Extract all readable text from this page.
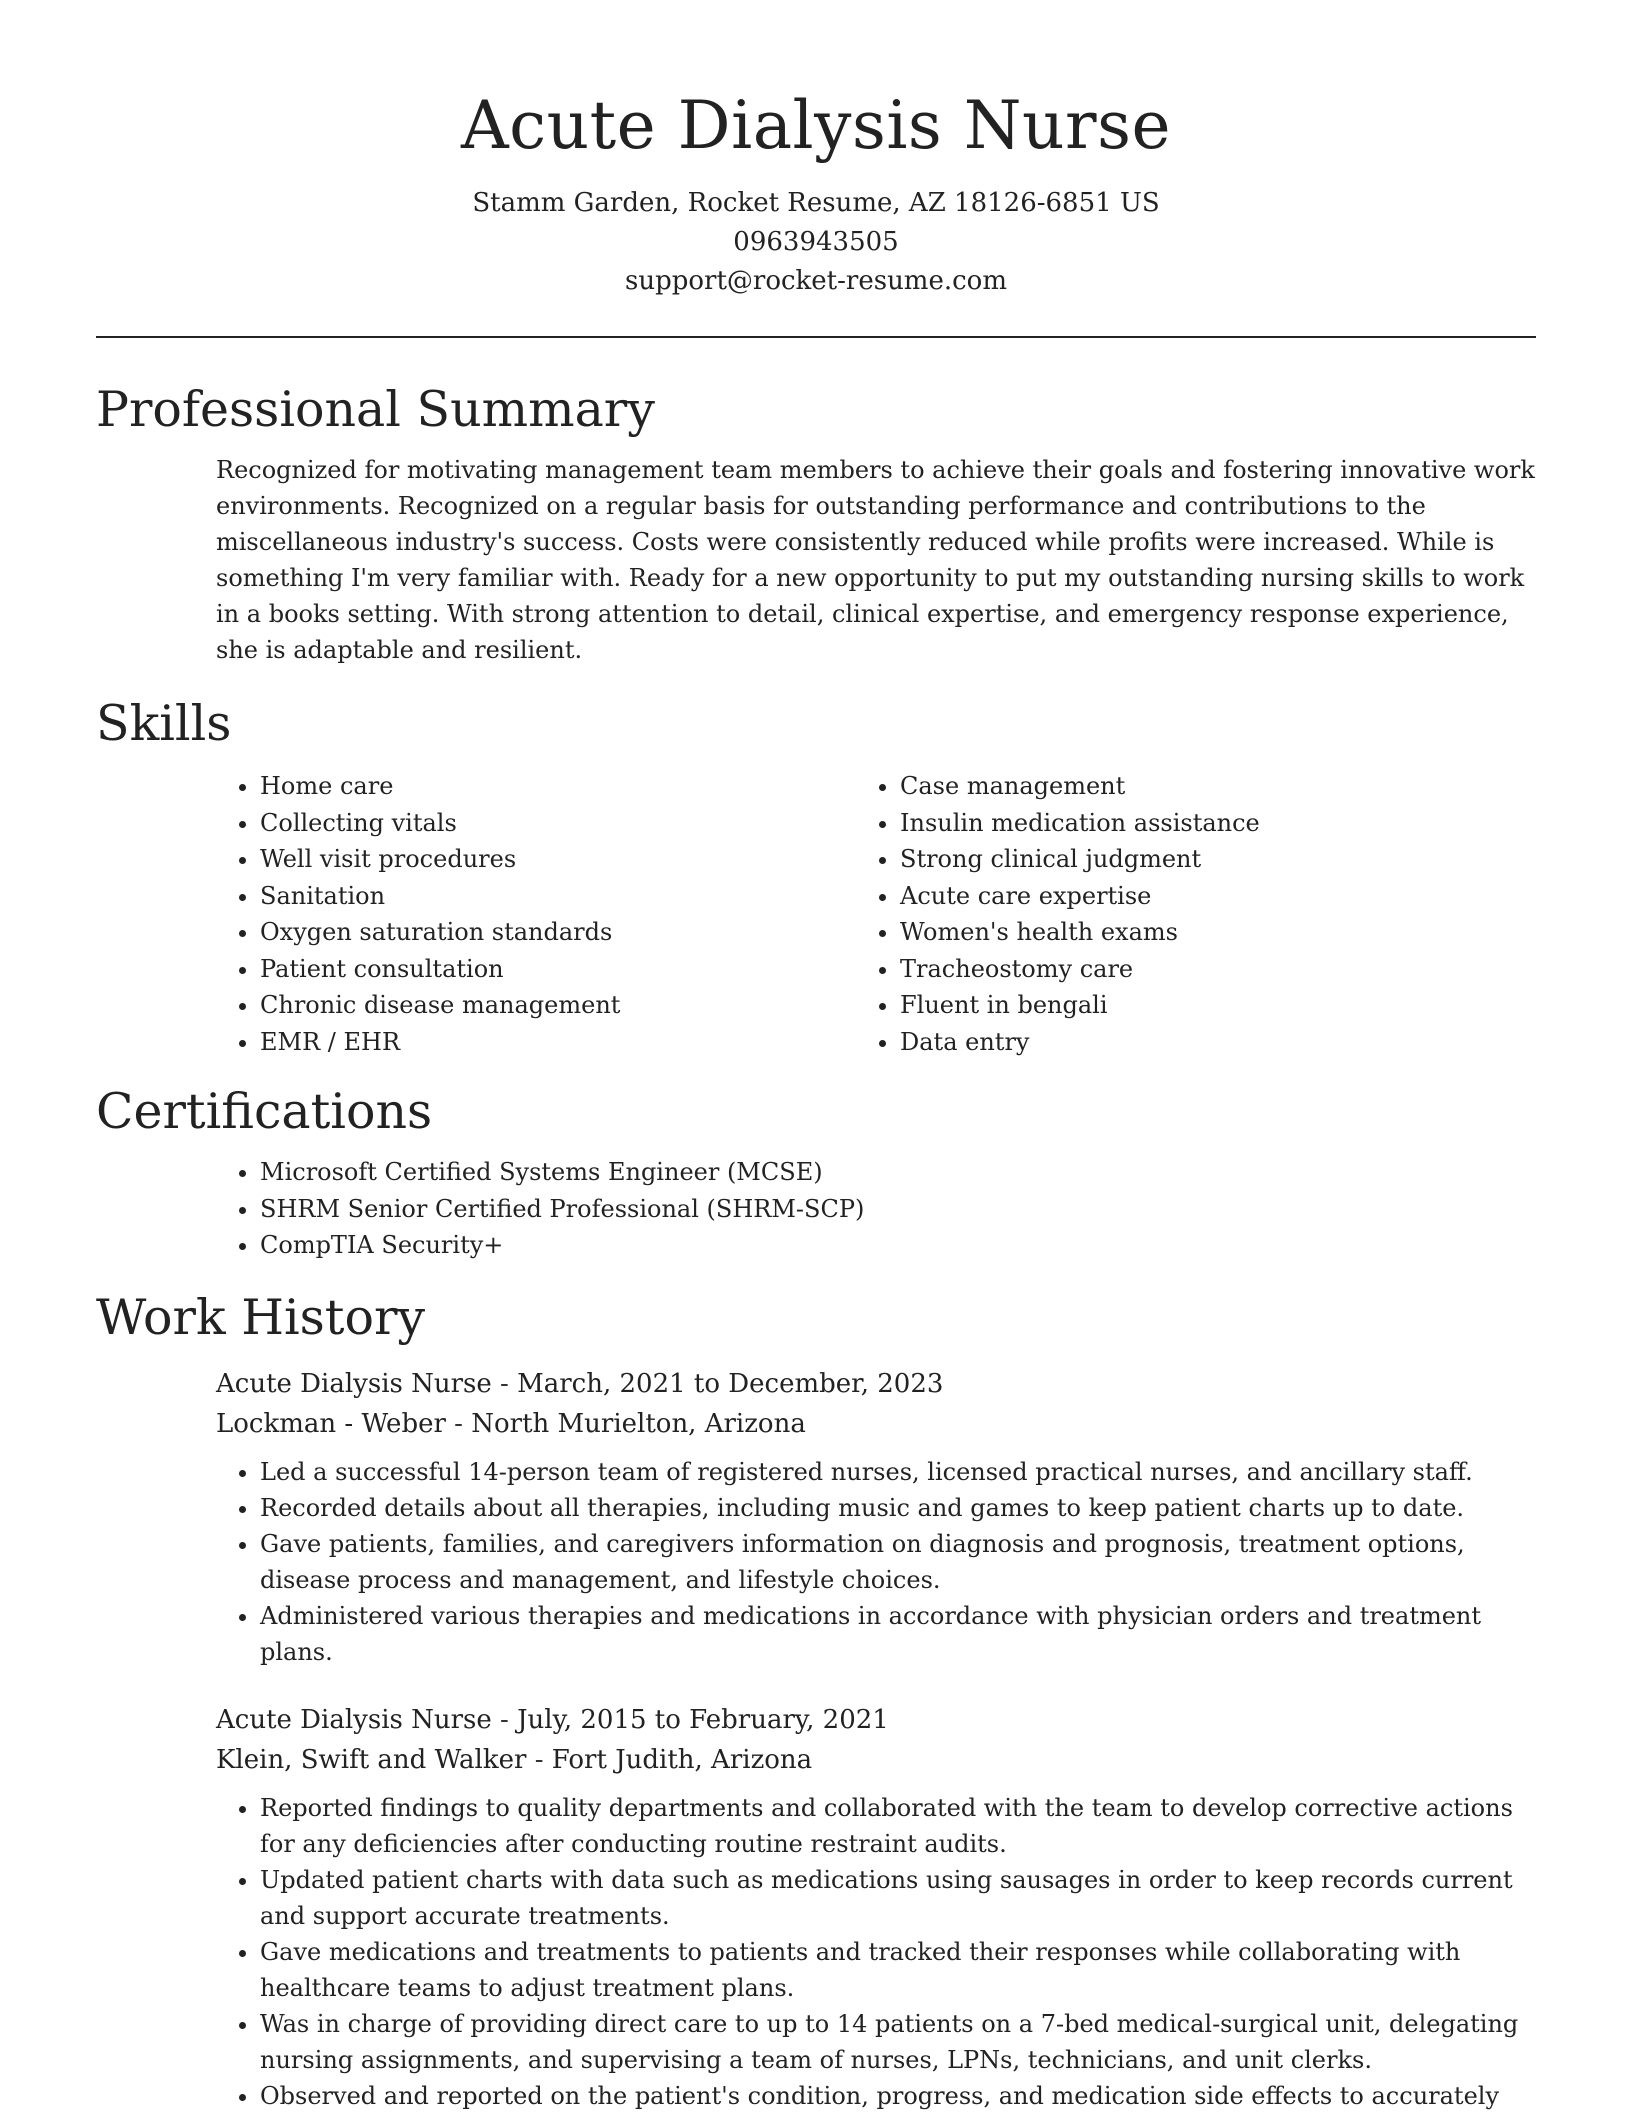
Acute Dialysis Nurse
Stamm Garden, Rocket Resume, AZ 18126-6851 US
0963943505
support@rocket-resume.com
Professional Summary

Recognized for motivating management team members to achieve their goals and fostering innovative work environments. Recognized on a regular basis for outstanding performance and contributions to the miscellaneous industry's success. Costs were consistently reduced while profits were increased. While is something I'm very familiar with. Ready for a new opportunity to put my outstanding nursing skills to work in a books setting. With strong attention to detail, clinical expertise, and emergency response experience, she is adaptable and resilient.

Skills
• Home care
• Collecting vitals
• Well visit procedures
• Sanitation
• Oxygen saturation standards
• Patient consultation
• Chronic disease management
• EMR / EHR
• Case management
• Insulin medication assistance
• Strong clinical judgment
• Acute care expertise
• Women's health exams
• Tracheostomy care
• Fluent in bengali
• Data entry
Certifications
• Microsoft Certified Systems Engineer (MCSE)
• SHRM Senior Certified Professional (SHRM-SCP)
• CompTIA Security+
Work History
Acute Dialysis Nurse - March, 2021 to December, 2023
Lockman - Weber - North Murielton, Arizona
• Led a successful 14-person team of registered nurses, licensed practical nurses, and ancillary staff.
• Recorded details about all therapies, including music and games to keep patient charts up to date.
• Gave patients, families, and caregivers information on diagnosis and prognosis, treatment options, disease process and management, and lifestyle choices.
• Administered various therapies and medications in accordance with physician orders and treatment plans.
Acute Dialysis Nurse - July, 2015 to February, 2021
Klein, Swift and Walker - Fort Judith, Arizona
• Reported findings to quality departments and collaborated with the team to develop corrective actions for any deficiencies after conducting routine restraint audits.
• Updated patient charts with data such as medications using sausages in order to keep records current and support accurate treatments.
• Gave medications and treatments to patients and tracked their responses while collaborating with healthcare teams to adjust treatment plans.
• Was in charge of providing direct care to up to 14 patients on a 7-bed medical-surgical unit, delegating nursing assignments, and supervising a team of nurses, LPNs, technicians, and unit clerks.
• Observed and reported on the patient's condition, progress, and medication side effects to accurately
